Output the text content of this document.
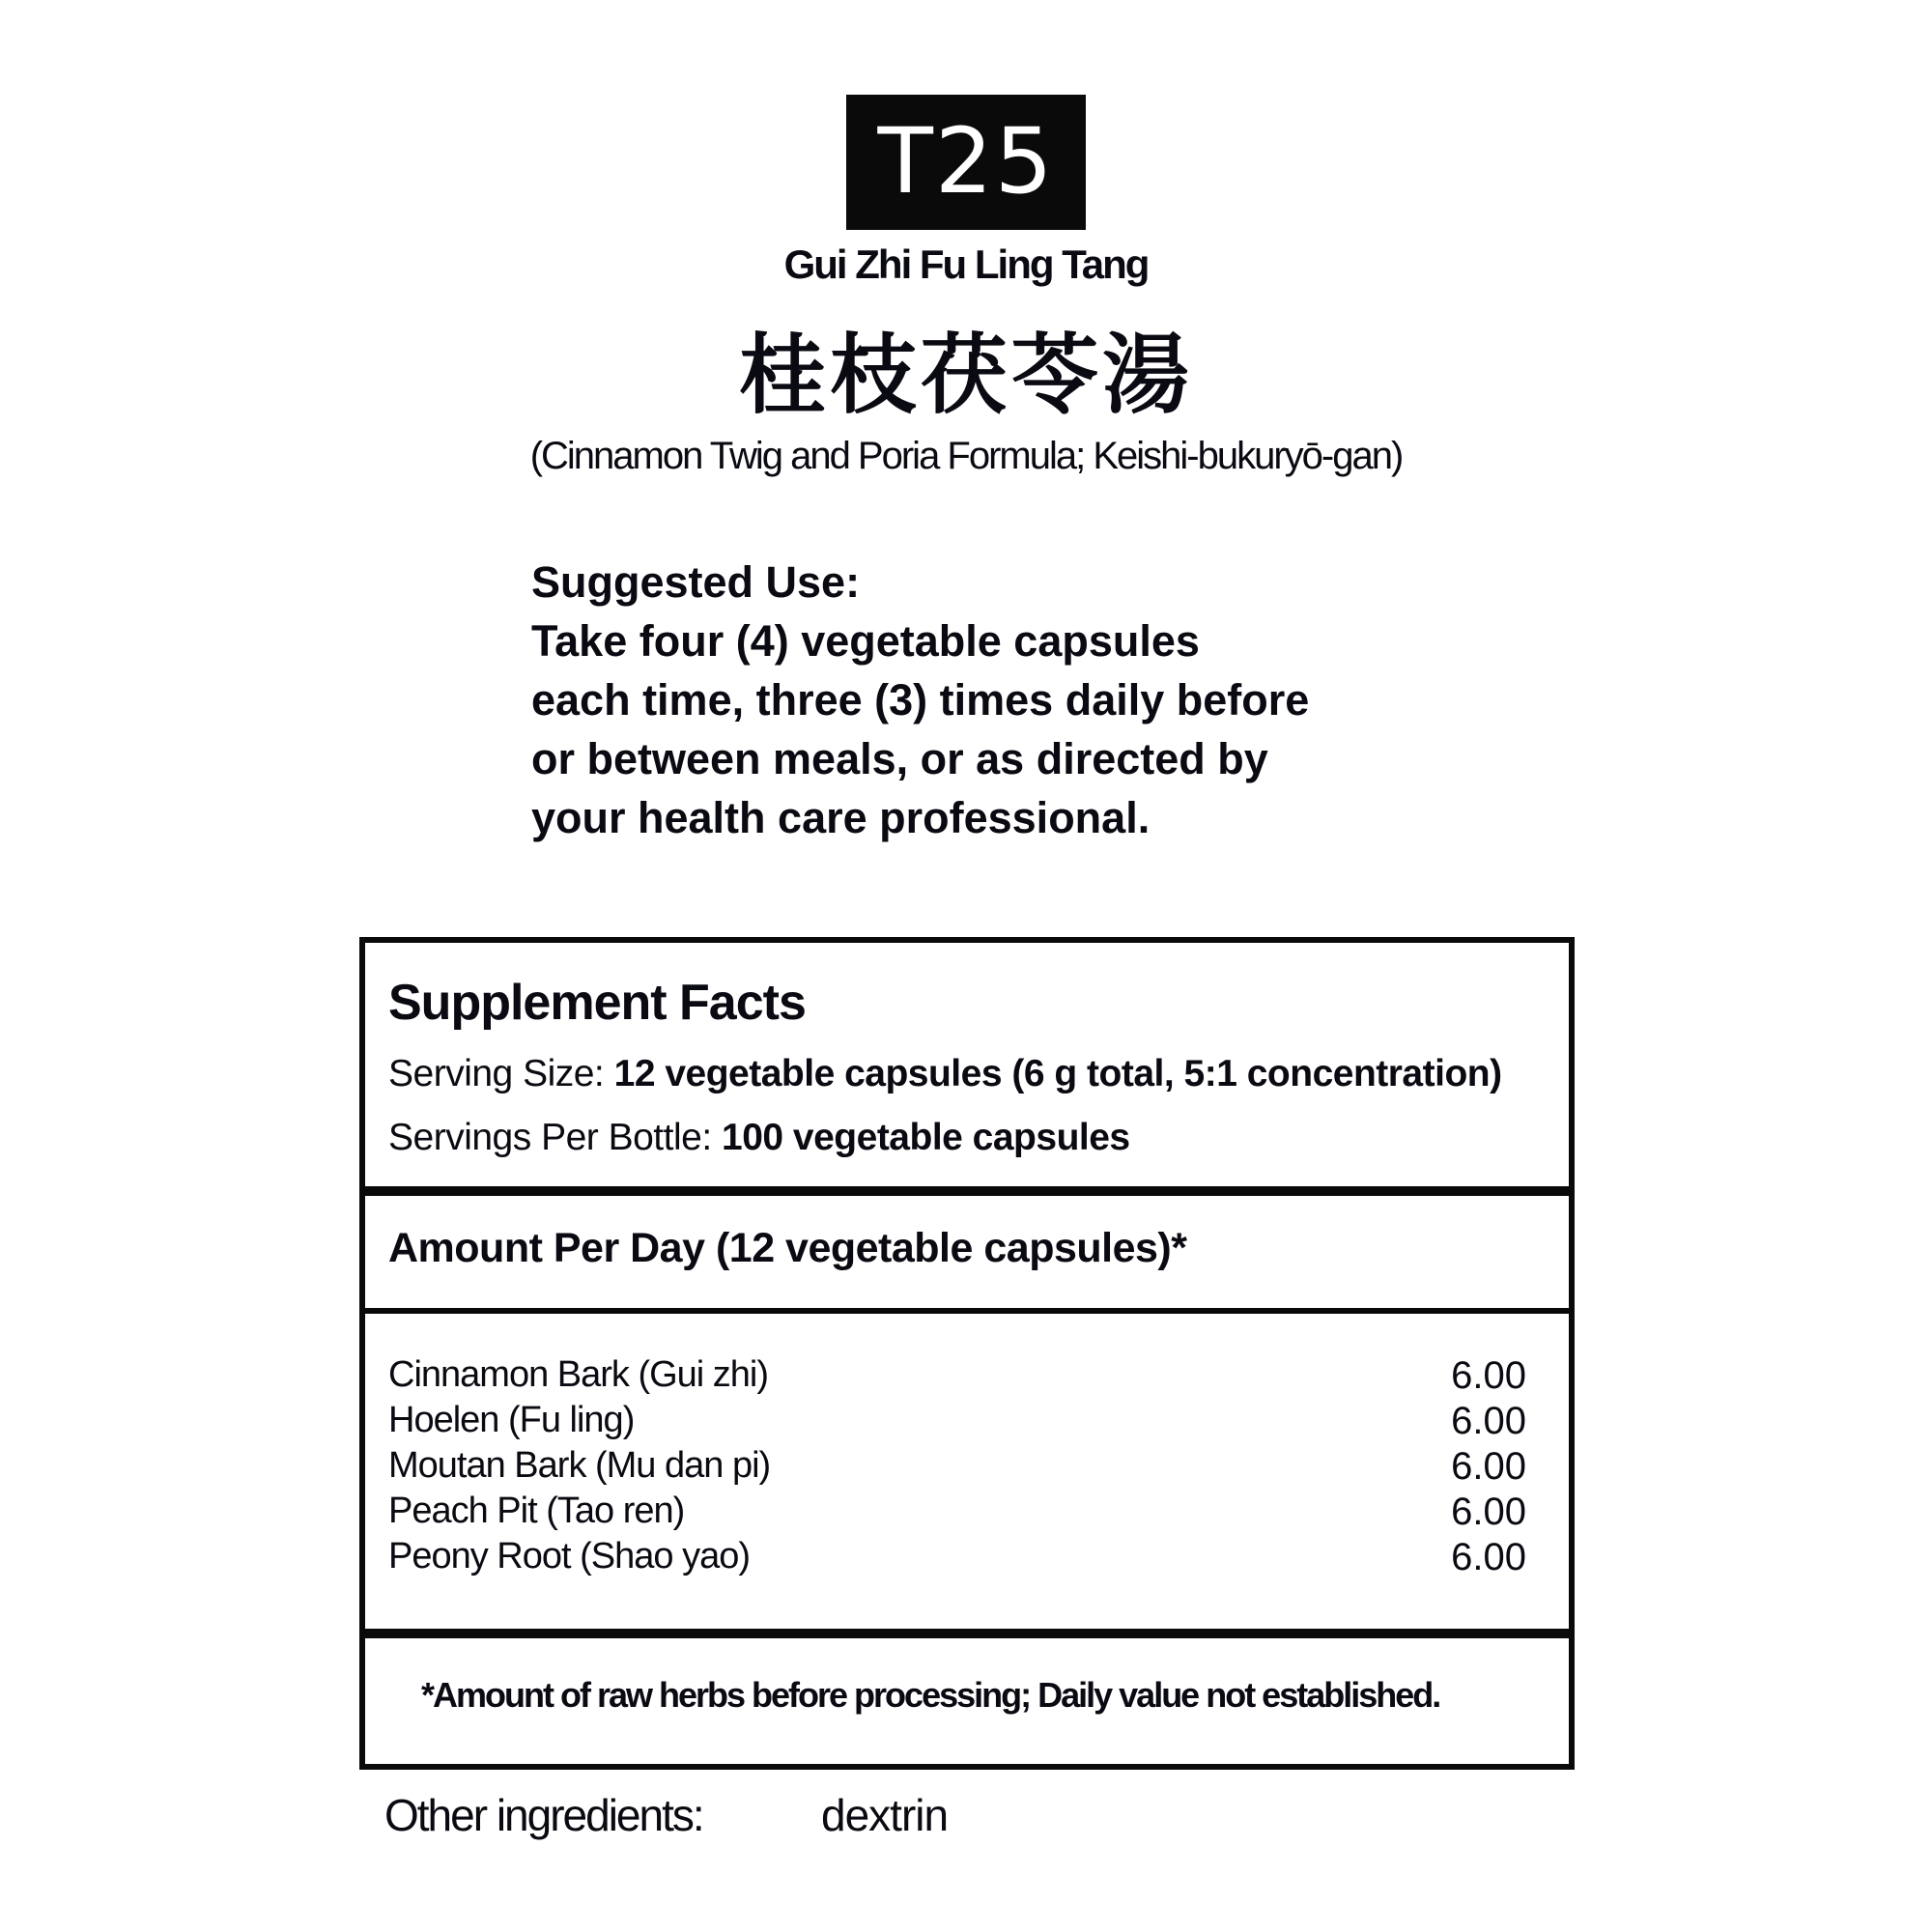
T25
Gui Zhi Fu Ling Tang
桂枝茯苓湯
(Cinnamon Twig and Poria Formula; Keishi-bukuryō-gan)
Suggested Use:
Take four (4) vegetable capsules
each time, three (3) times daily before
or between meals, or as directed by
your health care professional.
Supplement Facts
Serving Size: 12 vegetable capsules (6 g total, 5:1 concentration)
Servings Per Bottle: 100 vegetable capsules
Amount Per Day (12 vegetable capsules)*
Cinnamon Bark (Gui zhi)	6.00
Hoelen (Fu ling)	6.00
Moutan Bark (Mu dan pi)	6.00
Peach Pit (Tao ren)	6.00
Peony Root (Shao yao)	6.00
*Amount of raw herbs before processing; Daily value not established.
Other ingredients:	dextrin
